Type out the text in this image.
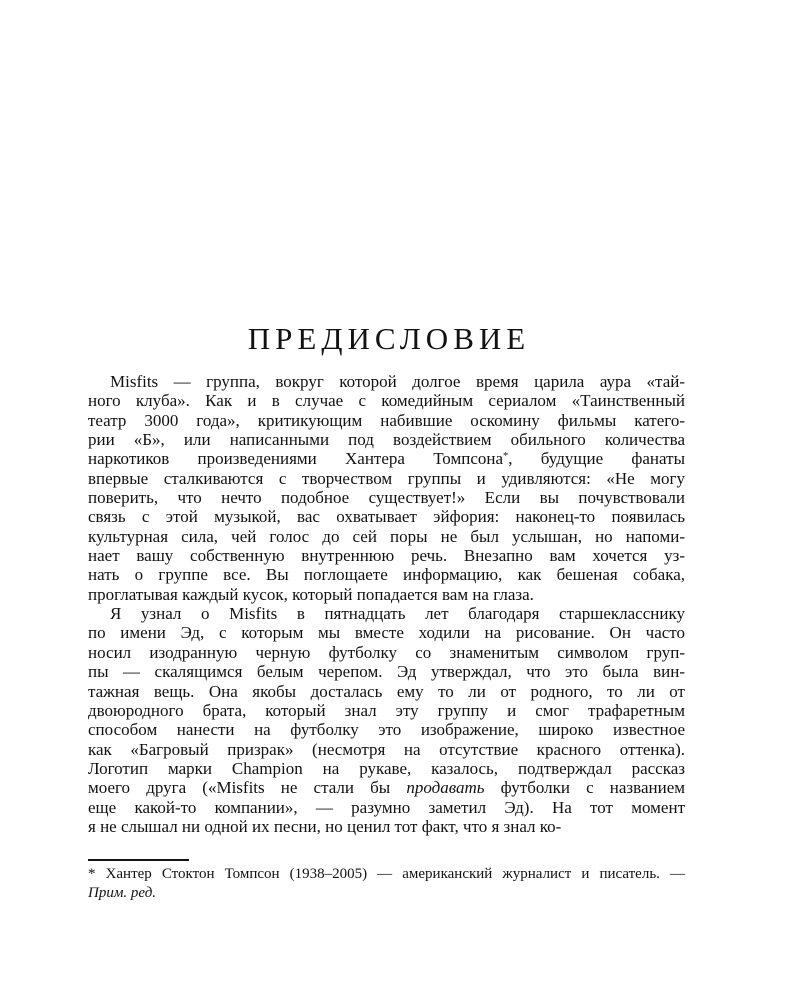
ПРЕДИСЛОВИЕ
Misfits — группа, вокруг которой долгое время царила аура «тай-
ного клуба». Как и в случае с комедийным сериалом «Таинственный
театр 3000 года», критикующим набившие оскомину фильмы катего-
рии «Б», или написанными под воздействием обильного количества
наркотиков произведениями Хантера Томпсона*, будущие фанаты
впервые сталкиваются с творчеством группы и удивляются: «Не могу
поверить, что нечто подобное существует!» Если вы почувствовали
связь с этой музыкой, вас охватывает эйфория: наконец-то появилась
культурная сила, чей голос до сей поры не был услышан, но напоми-
нает вашу собственную внутреннюю речь. Внезапно вам хочется уз-
нать о группе все. Вы поглощаете информацию, как бешеная собака,
проглатывая каждый кусок, который попадается вам на глаза.
Я узнал о Misfits в пятнадцать лет благодаря старшекласснику
по имени Эд, с которым мы вместе ходили на рисование. Он часто
носил изодранную черную футболку со знаменитым символом груп-
пы — скалящимся белым черепом. Эд утверждал, что это была вин-
тажная вещь. Она якобы досталась ему то ли от родного, то ли от
двоюродного брата, который знал эту группу и смог трафаретным
способом нанести на футболку это изображение, широко известное
как «Багровый призрак» (несмотря на отсутствие красного оттенка).
Логотип марки Champion на рукаве, казалось, подтверждал рассказ
моего друга («Misfits не стали бы продавать футболки с названием
еще какой-то компании», — разумно заметил Эд). На тот момент
я не слышал ни одной их песни, но ценил тот факт, что я знал ко-
* Хантер Стоктон Томпсон (1938–2005) — американский журналист и писатель. —
Прим. ред.
